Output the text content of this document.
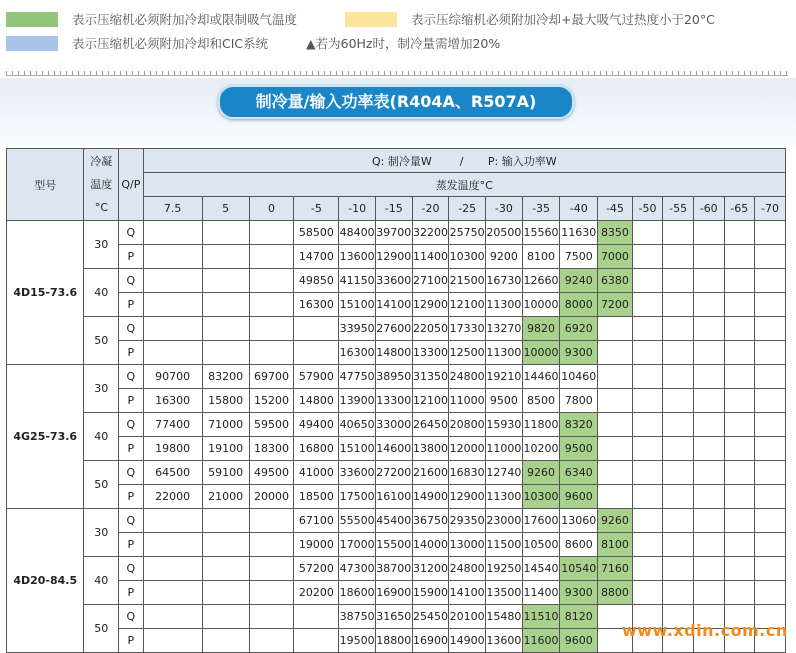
表示压缩机必须附加冷却或限制吸气温度	表示压综缩机必须附加冷却+最大吸气过热度小于20°C
表示压缩机必须附加冷却和CIC系统	▲若为60Hz时，制冷量需增加20%
制冷量/输入功率表(R404A、R507A)
型号	冷凝
温度
°C	Q/P	Q: 制冷量W        /       P: 输入功率W																
			蒸发温度°C																
			7.5	5	0	-5	-10	-15	-20	-25	-30	-35	-40	-45	-50	-55	-60	-65	-70
4D15-73.6	30	Q				58500	48400	39700	32200	25750	20500	15560	11630	8350					
		P				14700	13600	12900	11400	10300	9200	8100	7500	7000					
	40	Q				49850	41150	33600	27100	21500	16730	12660	9240	6380					
		P				16300	15100	14100	12900	12100	11300	10000	8000	7200					
	50	Q					33950	27600	22050	17330	13270	9820	6920						
		P					16300	14800	13300	12500	11300	10000	9300						
4G25-73.6	30	Q	90700	83200	69700	57900	47750	38950	31350	24800	19210	14460	10460						
		P	16300	15800	15200	14800	13900	13300	12100	11000	9500	8500	7800						
	40	Q	77400	71000	59500	49400	40650	33000	26450	20800	15930	11800	8320						
		P	19800	19100	18300	16800	15100	14600	13800	12000	11000	10200	9500						
	50	Q	64500	59100	49500	41000	33600	27200	21600	16830	12740	9260	6340						
		P	22000	21000	20000	18500	17500	16100	14900	12900	11300	10300	9600						
4D20-84.5	30	Q				67100	55500	45400	36750	29350	23000	17600	13060	9260					
		P				19000	17000	15500	14000	13000	11500	10500	8600	8100					
	40	Q				57200	47300	38700	31200	24800	19250	14540	10540	7160					
		P				20200	18600	16900	15900	14100	13500	11400	9300	8800					
	50	Q					38750	31650	25450	20100	15480	11510	8120						
		P					19500	18800	16900	14900	13600	11600	9600						
www.xdin.com.cn
